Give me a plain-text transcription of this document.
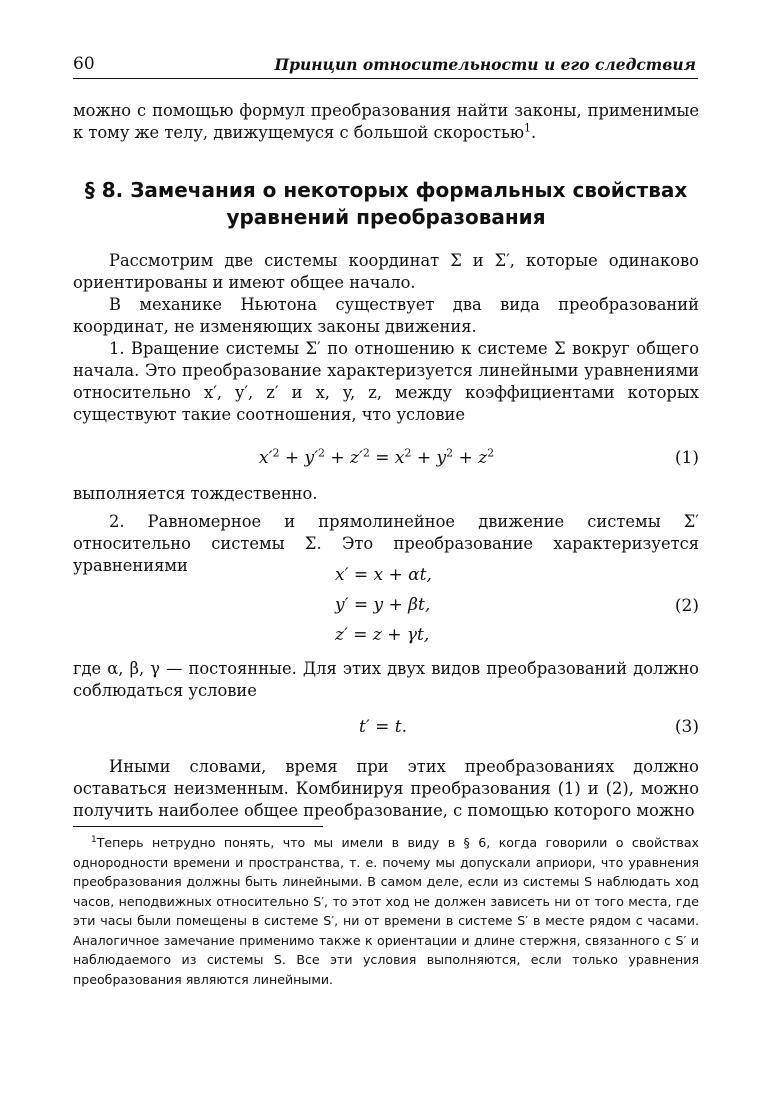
60	Принцип относительности и его следствия

можно с помощью формул преобразования найти законы, применимые к тому же телу, движущемуся с большой скоростью$^1$.

§ 8. Замечания о некоторых формальных свойствах
уравнений преобразования

Рассмотрим две системы координат Σ и Σ′, которые одинаково ориентированы и имеют общее начало.

В механике Ньютона существует два вида преобразований координат, не изменяющих законы движения.

1. Вращение системы Σ′ по отношению к системе Σ вокруг общего начала. Это преобразование характеризуется линейными уравнениями относительно x′, y′, z′ и x, y, z, между коэффициентами которых существуют такие соотношения, что условие

$x'^2 + y'^2 + z'^2 = x^2 + y^2 + z^2$	(1)

выполняется тождественно.

2. Равномерное и прямолинейное движение системы Σ′ относительно системы Σ. Это преобразование характеризуется уравнениями	x′ = x + αt,
y′ = y + βt,
z′ = z + γt,
(2)

где α, β, γ — постоянные. Для этих двух видов преобразований должно соблюдаться условие

t′ = t.	(3)

Иными словами, время при этих преобразованиях должно оставаться неизменным. Комбинируя преобразования (1) и (2), можно получить наиболее общее преобразование, с помощью которого можно

$^1$Теперь нетрудно понять, что мы имели в виду в § 6, когда говорили о свойствах однородности времени и пространства, т. е. почему мы допускали априори, что уравнения преобразования должны быть линейными. В самом деле, если из системы S наблюдать ход часов, неподвижных относительно S′, то этот ход не должен зависеть ни от того места, где эти часы были помещены в системе S′, ни от времени в системе S′ в месте рядом с часами. Аналогичное замечание применимо также к ориентации и длине стержня, связанного с S′ и наблюдаемого из системы S. Все эти условия выполняются, если только уравнения преобразования являются линейными.
